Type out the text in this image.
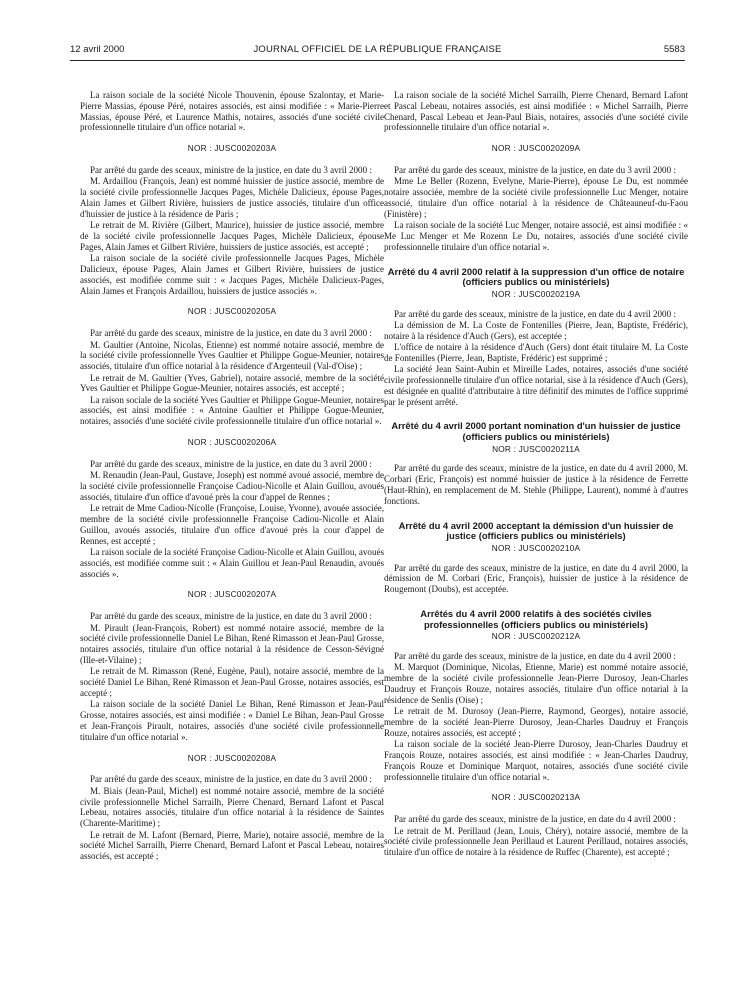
12 avril 2000	JOURNAL OFFICIEL DE LA RÉPUBLIQUE FRANÇAISE	5583

La raison sociale de la société Nicole Thouvenin, épouse Szalontay, et Marie-Pierre Massias, épouse Péré, notaires associés, est ainsi modifiée : « Marie-Pierre Massias, épouse Péré, et Laurence Mathis, notaires, associés d'une société civile professionnelle titulaire d'un office notarial ».

NOR : JUSC0020203A

Par arrêté du garde des sceaux, ministre de la justice, en date du 3 avril 2000 :

M. Ardaillou (François, Jean) est nommé huissier de justice associé, membre de la société civile professionnelle Jacques Pages, Michèle Dalicieux, épouse Pages, Alain James et Gilbert Rivière, huissiers de justice associés, titulaire d'un office d'huissier de justice à la résidence de Paris ;

Le retrait de M. Rivière (Gilbert, Maurice), huissier de justice associé, membre de la société civile professionnelle Jacques Pages, Michèle Dalicieux, épouse Pages, Alain James et Gilbert Rivière, huissiers de justice associés, est accepté ;

La raison sociale de la société civile professionnelle Jacques Pages, Michèle Dalicieux, épouse Pages, Alain James et Gilbert Rivière, huissiers de justice associés, est modifiée comme suit : « Jacques Pages, Michèle Dalicieux-Pages, Alain James et François Ardaillou, huissiers de justice associés ».

NOR : JUSC0020205A

Par arrêté du garde des sceaux, ministre de la justice, en date du 3 avril 2000 :

M. Gaultier (Antoine, Nicolas, Etienne) est nommé notaire associé, membre de la société civile professionnelle Yves Gaultier et Philippe Gogue-Meunier, notaires associés, titulaire d'un office notarial à la résidence d'Argenteuil (Val-d'Oise) ;

Le retrait de M. Gaultier (Yves, Gabriel), notaire associé, membre de la société Yves Gaultier et Philippe Gogue-Meunier, notaires associés, est accepté ;

La raison sociale de la société Yves Gaultier et Philippe Gogue-Meunier, notaires associés, est ainsi modifiée : « Antoine Gaultier et Philippe Gogue-Meunier, notaires, associés d'une société civile professionnelle titulaire d'un office notarial ».

NOR : JUSC0020206A

Par arrêté du garde des sceaux, ministre de la justice, en date du 3 avril 2000 :

M. Renaudin (Jean-Paul, Gustave, Joseph) est nommé avoué associé, membre de la société civile professionnelle Françoise Cadiou-Nicolle et Alain Guillou, avoués associés, titulaire d'un office d'avoué près la cour d'appel de Rennes ;

Le retrait de Mme Cadiou-Nicolle (Françoise, Louise, Yvonne), avouée associée, membre de la société civile professionnelle Françoise Cadiou-Nicolle et Alain Guillou, avoués associés, titulaire d'un office d'avoué près la cour d'appel de Rennes, est accepté ;

La raison sociale de la société Françoise Cadiou-Nicolle et Alain Guillou, avoués associés, est modifiée comme suit : « Alain Guillou et Jean-Paul Renaudin, avoués associés ».

NOR : JUSC0020207A

Par arrêté du garde des sceaux, ministre de la justice, en date du 3 avril 2000 :

M. Pirault (Jean-François, Robert) est nommé notaire associé, membre de la société civile professionnelle Daniel Le Bihan, René Rimasson et Jean-Paul Grosse, notaires associés, titulaire d'un office notarial à la résidence de Cesson-Sévigné (Ille-et-Vilaine) ;

Le retrait de M. Rimasson (René, Eugène, Paul), notaire associé, membre de la société Daniel Le Bihan, René Rimasson et Jean-Paul Grosse, notaires associés, est accepté ;

La raison sociale de la société Daniel Le Bihan, René Rimasson et Jean-Paul Grosse, notaires associés, est ainsi modifiée : « Daniel Le Bihan, Jean-Paul Grosse et Jean-François Pirault, notaires, associés d'une société civile professionnelle titulaire d'un office notarial ».

NOR : JUSC0020208A

Par arrêté du garde des sceaux, ministre de la justice, en date du 3 avril 2000 :

M. Biais (Jean-Paul, Michel) est nommé notaire associé, membre de la société civile professionnelle Michel Sarrailh, Pierre Chenard, Bernard Lafont et Pascal Lebeau, notaires associés, titulaire d'un office notarial à la résidence de Saintes (Charente-Maritime) ;

Le retrait de M. Lafont (Bernard, Pierre, Marie), notaire associé, membre de la société Michel Sarrailh, Pierre Chenard, Bernard Lafont et Pascal Lebeau, notaires associés, est accepté ;

La raison sociale de la société Michel Sarrailh, Pierre Chenard, Bernard Lafont et Pascal Lebeau, notaires associés, est ainsi modifiée : « Michel Sarrailh, Pierre Chenard, Pascal Lebeau et Jean-Paul Biais, notaires, associés d'une société civile professionnelle titulaire d'un office notarial ».

NOR : JUSC0020209A

Par arrêté du garde des sceaux, ministre de la justice, en date du 3 avril 2000 :

Mme Le Beller (Rozenn, Evelyne, Marie-Pierre), épouse Le Du, est nommée notaire associée, membre de la société civile professionnelle Luc Menger, notaire associé, titulaire d'un office notarial à la résidence de Châteauneuf-du-Faou (Finistère) ;

La raison sociale de la société Luc Menger, notaire associé, est ainsi modifiée : « Me Luc Menger et Me Rozenn Le Du, notaires, associés d'une société civile professionnelle titulaire d'un office notarial ».

Arrêté du 4 avril 2000 relatif à la suppression d'un office de notaire (officiers publics ou ministériels)
NOR : JUSC0020219A

Par arrêté du garde des sceaux, ministre de la justice, en date du 4 avril 2000 :

La démission de M. La Coste de Fontenilles (Pierre, Jean, Baptiste, Frédéric), notaire à la résidence d'Auch (Gers), est acceptée ;

L'office de notaire à la résidence d'Auch (Gers) dont était titulaire M. La Coste de Fontenilles (Pierre, Jean, Baptiste, Frédéric) est supprimé ;

La société Jean Saint-Aubin et Mireille Lades, notaires, associés d'une société civile professionnelle titulaire d'un office notarial, sise à la résidence d'Auch (Gers), est désignée en qualité d'attributaire à titre définitif des minutes de l'office supprimé par le présent arrêté.

Arrêté du 4 avril 2000 portant nomination d'un huissier de justice (officiers publics ou ministériels)
NOR : JUSC0020211A

Par arrêté du garde des sceaux, ministre de la justice, en date du 4 avril 2000, M. Corbari (Eric, François) est nommé huissier de justice à la résidence de Ferrette (Haut-Rhin), en remplacement de M. Stehle (Philippe, Laurent), nommé à d'autres fonctions.

Arrêté du 4 avril 2000 acceptant la démission d'un huissier de justice (officiers publics ou ministériels)
NOR : JUSC0020210A

Par arrêté du garde des sceaux, ministre de la justice, en date du 4 avril 2000, la démission de M. Corbari (Eric, François), huissier de justice à la résidence de Rougemont (Doubs), est acceptée.

Arrêtés du 4 avril 2000 relatifs à des sociétés civiles professionnelles (officiers publics ou ministériels)
NOR : JUSC0020212A

Par arrêté du garde des sceaux, ministre de la justice, en date du 4 avril 2000 :

M. Marquot (Dominique, Nicolas, Etienne, Marie) est nommé notaire associé, membre de la société civile professionnelle Jean-Pierre Durosoy, Jean-Charles Daudruy et François Rouze, notaires associés, titulaire d'un office notarial à la résidence de Senlis (Oise) ;

Le retrait de M. Durosoy (Jean-Pierre, Raymond, Georges), notaire associé, membre de la société Jean-Pierre Durosoy, Jean-Charles Daudruy et François Rouze, notaires associés, est accepté ;

La raison sociale de la société Jean-Pierre Durosoy, Jean-Charles Daudruy et François Rouze, notaires associés, est ainsi modifiée : « Jean-Charles Daudruy, François Rouze et Dominique Marquot, notaires, associés d'une société civile professionnelle titulaire d'un office notarial ».

NOR : JUSC0020213A

Par arrêté du garde des sceaux, ministre de la justice, en date du 4 avril 2000 :

Le retrait de M. Perillaud (Jean, Louis, Chéry), notaire associé, membre de la société civile professionnelle Jean Perillaud et Laurent Perillaud, notaires associés, titulaire d'un office de notaire à la résidence de Ruffec (Charente), est accepté ;
